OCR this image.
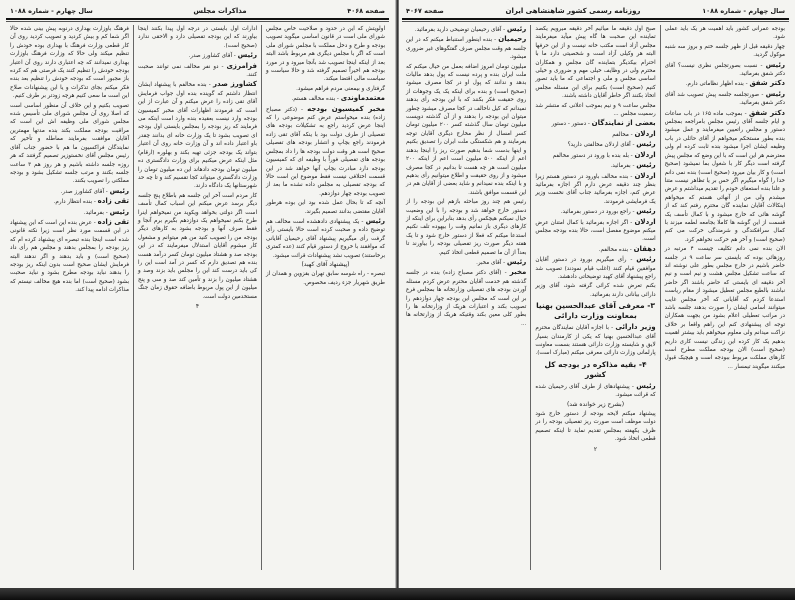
صفحه ۴۰۶۸
مذاکرات مجلس
سال چهارم - شماره ۱۰۸۸

اولویتش که این در حدود و صلاحیت خاص مجلس شورای ملی است در قانون اساسی میگوید تصویب بودجه و طرح و دخل مملکت با مجلس شورای ملی است که اگر با مجلس دیگری هم مربوط باشد البته بعد از اینکه اینجا تصویب شد بآنجا میرود و در مورد بودجه هم اخیراً تصمیم گرفته شد و حالا سیاست و سیاست مالی اقتضا میکند.

گرفتاری و بیمعنی مردم فراهم میشود.

معتمدماوندی - بنده مخالف هستم.

مخبر کمیسیون بودجه - (دکتر مصباح زاده) بنده میخواستم عرض کنم موضوعی را که اینجا عرض کردید راجع به تشکیلات بودجه های تفصیلی از طرف دولت بود با ینکه آقای تقی زاده فرمودند راجع بچاپ و انتشار بودجه های تفصیلی صحیح است هر وقت دولت بودجه ها را داد بمجلس بودجه های تفصیلی فوراً با وظیفه ای که کمیسیون بودجه دارد مبادرت بچاپ آنها خواهد شد در این قسمت اختلافی نیست فقط موضوع این است حالا که بودجه تفصیلی به مجلس داده نشده ما بعد از تصویب بودجه چهار دوازدهم.

آنچه که تا بحال عمل شده بود این بوده هرطور آقایان مقتضی بدانند تصمیم بگیرند.

رئیس - یک پیشنهادی دادهشده است مخالف هم توضیح داده و صحبت کرده است حالا بایستی رأی گرفت رأی میگیریم پیشنهاد آقای رحیمیان آقایانی که موافقند با خروج از دستور قیام کنند (عده کمتری برخاستند) تصویب نشد پیشنهادات قرائت میشود.

(پیشنهاد آقای کهبد)

تبصره - راه شوسه سابق تهران بقزوین و همدان از طریق شهریار جزء ردیف مخصوص.

ادارات اول بایستی در درجه اول پیدا بکنند اینجا بیاورند که این بودجه تفصیلی دارد و الاحقی ندارد (صحیح است).

رئیس - آقای کشاورز صدر.

فرامرزی - دو نفر مخالف نمی توانند صحبت کنند.

کشاورز صدر - بنده مخالفم با پیشنهاد ایشان انتظار داشتم که گوینده بنده اول جواب فرمایش آقای تقی زاده را عرض میکنم و آن عبارت از این است که فرمودند اظهارات آقای مخبر کمیسیون بودجه وارد نیست بعقیده بنده وارد است اینکه می فرمایند که ریز بودجه را بمجلس بایستی اول بودجه ای تصویب بشود تا یک وزارت خانه ای بدانند چقدر باو اعتبار داده اند و آن وزارت خانه روی آن اعتبار بتواند یک بودجه جزئی تهیه بکند و بهلوره (ارقام) مثل اینکه عرض میکنیم برای وزارت دادگستری ده میلیون تومان بودجه دادهاند این ده میلیون تومان را وزارت دادگستری میتواند کجا تقسیم کند و تا چه حد شهرستانها یک دادگاه دارند.

کار مردم است آخر این جلسه هم باطلاع پنج جلسه دیگر برسد عرض میکنم این اسباب کمال تأسف است اگر دولتی بخواهد ویکوید من نمیخواهم اینرا طرح بکنم نمیخواهم یک دوازدهم بگیرم برم آنجا و فقط صرف آنها و بودجه بشود به کارهای دیگر بودجه من را تصویب کنید من هم میتوانم و مشغول کار میشوم آقایان استدلال میفرمایند که در این بودجه صد و هشتاد میلیون تومان کسر درآمد هست بنده هم تصدیق دارم که کسر در آمد است این را کی باید درست کند این را مجلس باید بزند وصد و هشتاد میلیون را بزند و تأمین کند صد و سی و پنج میلیون از این پول مربوط باضافه حقوق زمان جنگ مستخدمین دولت است.

۴

فرهنگ باوزارت بهداری درنوبه پیش بینی شده حالا اگر شما کم و بیش کردید و تصویب کردید روی آن کار قطعی وزارت فرهنگ با بهداری بوده خودش را تنظیم میکند ولی حالا که وزارت فرهنگ باوزارت بهداری نمیدانند که چه اعتباری دارند روی آن اعتبار بودجه خودش را تنظیم کنند یک فرصتی هم که کرده باز مجبور است که بودجه خودش را تنظیم بعد بنده فکر میکنم بجای تذکرات و یا این پیشنهادات صلاح این است ما سعی کنیم هرچه زودتر بر طرف کنیم.

تصویب بکنیم و این خلاف آن منظور اساسی است که اصلا روی آن مجلس شورای ملی تأسیس شده مجلس شورای ملی وظیفه اش این است که مراقبت بودجه مملکت بکند بنده مدتها مهمترین آقایان موافقت بفرمایند مماطله و تأخیر که نمایندگان فراکسیون ما هم با حضور جناب آقای رئیس مجلس آقای نخستوزیر تصمیم گرفتند که هر روزه جلسه داشته باشیم و هر روز هم ۳ ساعت جلسه بکنند و مرتب جلسه تشکیل بشود و بودجه مملکتی را تصویب بکنند.

رئیس - آقای کشاورز صدر.

تقی زاده - بنده انتظار دارم.

رئیس - بفرمائید.

تقی زاده - عرض بنده این است که این پیشنهاد در این قسمت مورد نظر است زیرا نکته قانونی شده است اینجا بنده تبصره ای پیشنهاد کرده ام که ریز بودجه را بمجلس بدهند و مجلس هم رأی داد (صحیح است) و باید بدهند و اگر ندهند البته فرمایش ایشان صحیح است بدون اینکه ریز بودجه را بدهند نباید بودجه مطرح بشود و نباید صحبت بشود (صحیح است) اما بنده هیچ مخالف نیستم که مذاکرات ادامه پیدا کند.

سال چهارم - شماره ۱۰۸۸
روزنامه رسمی کشور شاهنشاهی ایران
صفحه ۴۰۶۷

بودجه عمرانی کشور باید اهمیت هر یک باید عملی شود.

چهار دقیقه قبل از ظهر جلسه ختم و بروز سه شنبه موکول گردید.

رئیس - نسبت بصورتجلس نظری نیست؟ آقای دکتر شفق بفرمائید.

دکتر شفق - بنده اظهار نظاماتی دارم.

رئیس - صورتجلسه جلسه پیش تصویب شد آقای دکتر شفق بفرمائید.

دکتر شفق - بموجب ماده ۱۶۵ در باب ساعات و ایام جلسه آقای رئیس مجلس بامراجعه بمجلس دستور و مجلس راتعیین میفرمایند و عمل میشود بنده بطور مستحکم میخواهم از آقای حائلی در باب وظیفه ایشان اجرا میشود بنده ثابت کرده ام ولی معترضم هر این است که با این وضع که مجلس پیش گرفته است دیگر کار با شغول بما نمیشود (صحیح است) و کار بیان میرود (صحیح است) بنده نمی دانم خدا را گواه میگیرم اگر حس بر یا تظاهر نیست متنا و علنا بنده استعفای خودم را تقدیم میداشتم و عرض میشدم ولی من از آنهائی هستم که میخواهم اینکالات آقایان نماینده گان محترم رفتم کند که از گوشه هائی که خارج میشود و با کمال تأسف یک قسمت از این گوشه ها کاملا بجامعه لطمه میزند با کمال سرافکندگی و شرمندگی خرکت می کنم (صحیح است) و آخر هم حرکت نخواهم کرد.

الان بنده نمی دانم تکلیف چیست ۴ مرتبه در روزهائی بوده که بایستی سر ساعت ۹ در جلسه حاضر باشیم در خارج مجلس بطور علی نوشته اند که ساعت تشکیل مجلس هشت و نیم است و نیم آخر دقیقه ای بایستی که حاضر باشند اگر حاضر نباشند بالطبع مجلس تعطیل میشود از مقام ریاست استدعا کردم که آقایانی که آخر مجلس غایب میتوانند اسامی ایشان را صورت بدهند جلسه باشد در مراتب تعطیلی اعلام بشود من بجهت همکاران توجه ای پیشنهادی کنم این راهم واقعا بر خلاف نزاکت میدانم ولی معلوم میخواهم باید بیشتر اهمیت بدهیم یک کار کرده این زندگی نیست کاری داریم (صحیح است) الان بودجه مملکت مطرح است کارهای مملکت مربوط ببودجه است و هیچیک قبول میکنند میگویند تیمسار ...

صبح اول دقیقه ما میائیم آخر دقیقه میرویم یکصد تماینده این صحبت ها گاه پیش میآید میفرمایند مجلس آزاد است مکتب خانه نیست و از این حرفها البته هر وکیلی آزاد است و شخصیتی دارد ما با احترام بیکدیگر بتماینده گان مجلس و همکاران محترم ولی در وظایف خیلی مهم و ضروری و خیلی اساسی مجلس و ملی و اجتماعی که ما باید تصور کنیم (صحیح است) بکنیم برای این مسئله مجلس اتخاذ بکنند اگر خاطر آقایان داشته باشند.

مجلس ساعت ۹ و نیم بموجب اعلانی که منتشر شد رسمیت مجلس ...

بعضی از نمایندگان - دستور - دستور

اردلان - مخالفم

رئیس - آقای اردلان مخالفتی دارید؟

اردلان - بله بنده با ورود در دستور مخالفم

رئیس - بفرمائید.

اردلان - بنده مخالف باورود در دستور هستم زیرا بنظر چند دقیقه عرض دارم اگر اجازه بفرمائید عرض کنم، اجازه بفرمائید جناب آقای نخست وزیر یک فرمایشی فرمودند.

رئیس - راجع بورود در دستور بفرمائید.

اردلان - اگر اجازه بفرمائید با کمال امتنان عرض میکنم موضوع مفصل است، حالا بنده بودجه مجلس است.

دهقان - بنده مخالفم.

رئیس - رأی میگیریم بورود در دستور آقایان موافقین قیام کنند (اغلب قیام نمودند) تصویب شد راجع پیشنهاد آقای کهبد توضیحاتی دادهشد.

بکنم تعرض شده کرائی گرفته شود، آقای وزیر دارائی بیانانی دارند بفرمائید.

۳- معرفی آقای عبدالحسین بهنیا بمعاونت وزارت دارائی

وزیر دارائی - با اجازه آقایان نمایندگان محترم آقای عبدالحسین بهنیا که یکی از کارمندان بسیار لایق و شایسته وزارت دارائی هستند بسمت معاونت پارلمانی وزارت دارائی معرفی میکنم (مبارک است).

۴- بقیه مذاکره در بودجه کل کشور

رئیس - پیشنهادهای از طرف آقای رحیمیان شده که قرائت میشود.

(بشرح زیر خوانده شد)

پیشنهاد میکنم لایحه بودجه از دستور خارج شود دولت موظف است صورت ریز تفصیلی بودجه را در ظرف یکهفته بمجلس تقدیم نماید تا اینکه تصمیم قطعی اتخاذ شود.

۲

رئیس - آقای رحیمیان توضیحی دارید بفرمائید.

رحیمیان - بنده اینطور استنباط میکنم که در این جلسه هم وقت مجلس صرف گفتگوهای غیر ضروری میشود.

میلیون تومان امروز اضافه بعمل من خیال میکنم که ملت ایران بنده و پرده نیست که پول بدهد مالیات بدهد و ندانند که پول او در کجا مصرف میشود (صحیح است) و بنده برای اینکه یک یک وجوهات از روی حقیقت فکر بکنند که با این بودجه رأی بدهند نمیدانم که کیل ناخالف در کجا مصرف میشود چطور میتوان این بودجه را بدهند و از آن گذشته دویست میلیون تومان سال گذشته کسر ۲۰۰ میلیون تومان کسر امسال از نظر مخارج دیگری آقایان توجه بفرمایند و هم شکستگی ملت ایران را تصدیق بکنیم و اینها بدست شما بدهیم صورت ریز را اینجا بدهند اعم از اینکه ۵۰۰ میلیون است اعم از اینکه ۲۰۰ میلیون است هر چه هست تا بدانیم در کجا مصرف میشود و از روی حقیقت و اطلاع میتوانیم رأی بدهیم و با اینکه بنده نمیدانم و شاید بعضی از آقایان هم در این قسمت موافق باشند.

رئیس هم چند روز مباحثه بازهم این بودجه را از دستور خارج خواهد شد و بودجه را با این وضعیت خیال نمیکنم هیچکس رأی بدهد بنابراین برای اینکه از کارهای دیگری باز نمانیم وقت را بیهوده تلف نکنیم استدعا میکنم که فعلا از دستور خارج شود و تا یک هفته دیگر صورت ریز تفصیلی بودجه را بیاورند تا بعداً از آن ما تصمیم قطعی اتخاذ کنیم.

رئیس - آقای مخبر.

مخبر - (آقای دکتر مصباح زاده) بنده در جلسه گذشته هم خدمت آقایان محترم عرض کردم مسئله آوردن بودجه های تفصیلی وزارتخانه ها بمجلس فرع بر این است که مجلس این بودجه چهار دوازدهم را تصویب بکند و اعتبارات هریک از وزارتخانه ها را بطور کلی معین بکند وقتیکه هریک از وزارتخانه ها ...
